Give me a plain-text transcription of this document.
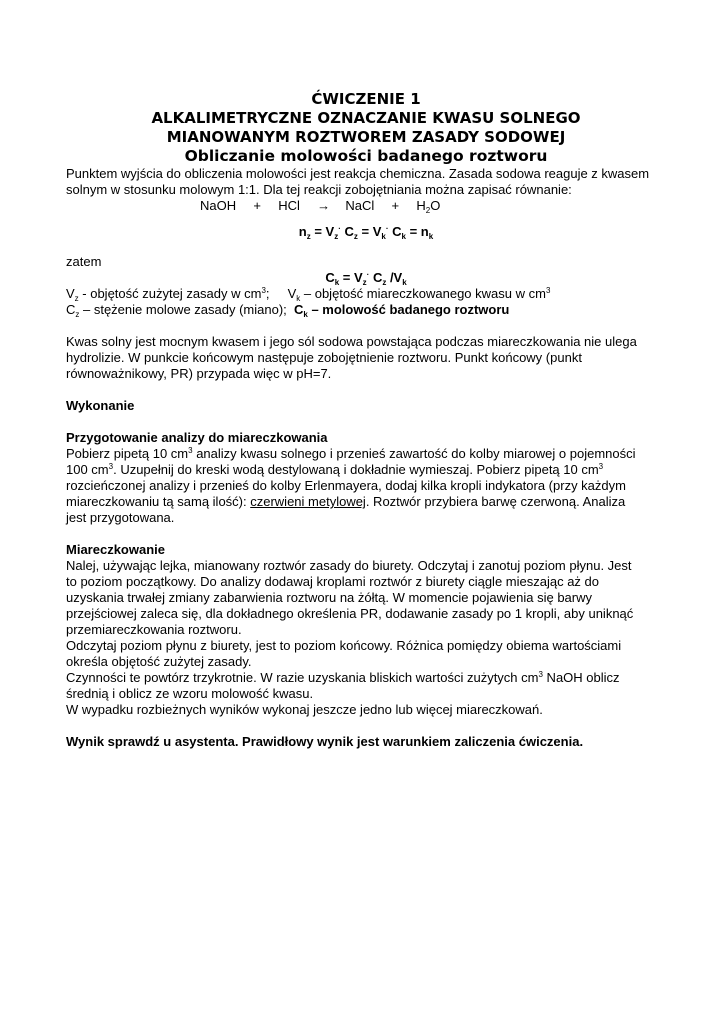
ĆWICZENIE 1
ALKALIMETRYCZNE OZNACZANIE KWASU SOLNEGO
MIANOWANYM ROZTWOREM ZASADY SODOWEJ
Obliczanie molowości badanego roztworu

Punktem wyjścia do obliczenia molowości jest reakcja chemiczna. Zasada sodowa reaguje z kwasem

solnym w stosunku molowym 1:1. Dla tej reakcji zobojętniania można zapisać równanie:

NaOH + HCl → NaCl + $H_2O$
$n_z = V_z^\cdot$ $C_z = V_k^\cdot$ $C_k = n_k$

zatem

$C_k = V_z^\cdot$ $C_z$ $/V_k$

$V_z$ - objętość zużytej zasady w $cm^3$;     $V_k$ – objętość miareczkowanego kwasu w $cm^3$

$C_z$ – stężenie molowe zasady (miano);  $C_k$ – molowość badanego roztworu

Kwas solny jest mocnym kwasem i jego sól sodowa powstająca podczas miareczkowania nie ulega

hydrolizie. W punkcie końcowym następuje zobojętnienie roztworu. Punkt końcowy (punkt

równoważnikowy, PR) przypada więc w pH=7.

Wykonanie

Przygotowanie analizy do miareczkowania

Pobierz pipetą 10 $cm^3$ analizy kwasu solnego i przenieś zawartość do kolby miarowej o pojemności

100 $cm^3$. Uzupełnij do kreski wodą destylowaną i dokładnie wymieszaj. Pobierz pipetą 10 $cm^3$

rozcieńczonej analizy i przenieś do kolby Erlenmayera, dodaj kilka kropli indykatora (przy każdym

miareczkowaniu tą samą ilość): czerwieni metylowej. Roztwór przybiera barwę czerwoną. Analiza

jest przygotowana.

Miareczkowanie

Nalej, używając lejka, mianowany roztwór zasady do biurety. Odczytaj i zanotuj poziom płynu. Jest

to poziom początkowy. Do analizy dodawaj kroplami roztwór z biurety ciągle mieszając aż do

uzyskania trwałej zmiany zabarwienia roztworu na żółtą. W momencie pojawienia się barwy

przejściowej zaleca się, dla dokładnego określenia PR, dodawanie zasady po 1 kropli, aby uniknąć

przemiareczkowania roztworu.

Odczytaj poziom płynu z biurety, jest to poziom końcowy. Różnica pomiędzy obiema wartościami

określa objętość zużytej zasady.

Czynności te powtórz trzykrotnie. W razie uzyskania bliskich wartości zużytych $cm^3$ NaOH oblicz

średnią i oblicz ze wzoru molowość kwasu.

W wypadku rozbieżnych wyników wykonaj jeszcze jedno lub więcej miareczkowań.

Wynik sprawdź u asystenta. Prawidłowy wynik jest warunkiem zaliczenia ćwiczenia.
